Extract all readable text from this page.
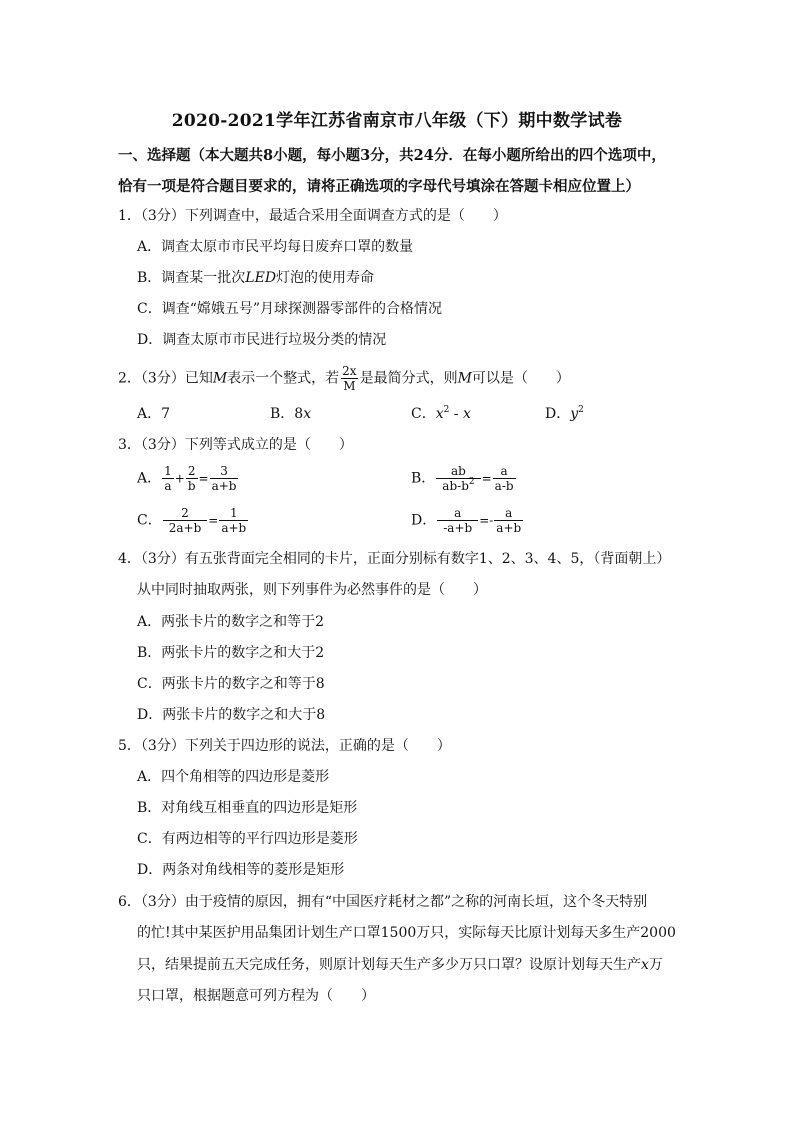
2020-2021学年江苏省南京市八年级（下）期中数学试卷
一、选择题（本大题共8小题，每小题3分，共24分．在每小题所给出的四个选项中，恰有一项是符合题目要求的，请将正确选项的字母代号填涂在答题卡相应位置上）
1．（3分）下列调查中，最适合采用全面调查方式的是（　　）
A．调查太原市市民平均每日废弃口罩的数量
B．调查某一批次LED灯泡的使用寿命
C．调查“嫦娥五号”月球探测器零部件的合格情况
D．调查太原市市民进行垃圾分类的情况
2．（3分）已知M表示一个整式，若 $\frac{2x}{M}$ 是最简分式，则M可以是（　　）
A．7	B．8x	C．$x^2$ - x	D．$y^2$
3．（3分）下列等式成立的是（　　）
A． $\frac{1}{a} + \frac{2}{b} = \frac{3}{a+b}$	B． $\frac{ab}{ab-b^2} = \frac{a}{a-b}$
C． $\frac{2}{2a+b} = \frac{1}{a+b}$	D． $\frac{a}{-a+b} =- \frac{a}{a+b}$
4．（3分）有五张背面完全相同的卡片，正面分别标有数字1、2、3、4、5，（背面朝上）
从中同时抽取两张，则下列事件为必然事件的是（　　）
A．两张卡片的数字之和等于2
B．两张卡片的数字之和大于2
C．两张卡片的数字之和等于8
D．两张卡片的数字之和大于8
5．（3分）下列关于四边形的说法，正确的是（　　）
A．四个角相等的四边形是菱形
B．对角线互相垂直的四边形是矩形
C．有两边相等的平行四边形是菱形
D．两条对角线相等的菱形是矩形
6．（3分）由于疫情的原因，拥有“中国医疗耗材之都”之称的河南长垣，这个冬天特别
的忙!其中某医护用品集团计划生产口罩1500万只，实际每天比原计划每天多生产2000
只，结果提前五天完成任务，则原计划每天生产多少万只口罩？设原计划每天生产x万
只口罩，根据题意可列方程为（　　）
